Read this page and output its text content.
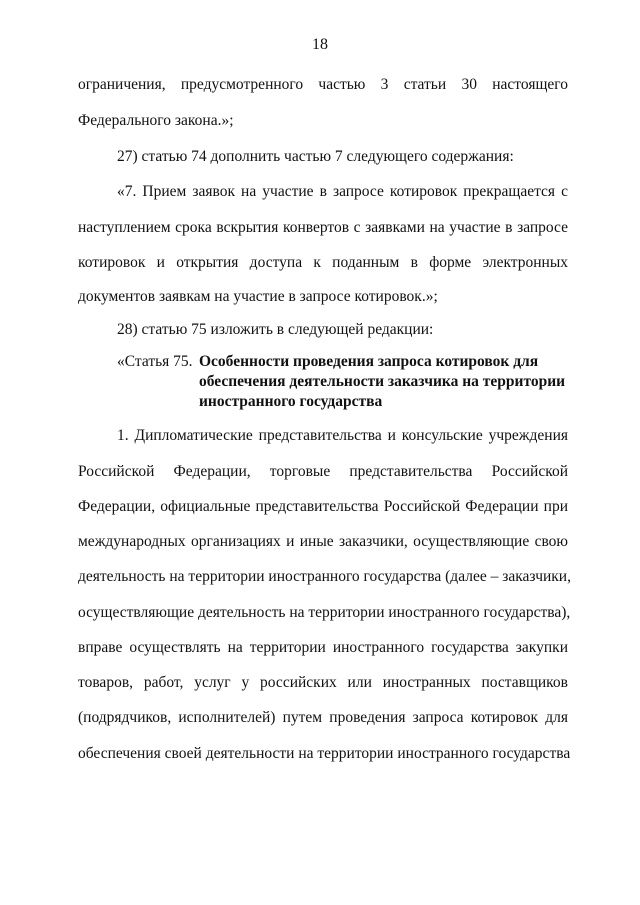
18
ограничения, предусмотренного частью 3 статьи 30 настоящего
Федерального закона.»;
27) статью 74 дополнить частью 7 следующего содержания:
«7. Прием заявок на участие в запросе котировок прекращается с
наступлением срока вскрытия конвертов с заявками на участие в запросе
котировок и открытия доступа к поданным в форме электронных
документов заявкам на участие в запросе котировок.»;
28) статью 75 изложить в следующей редакции:
«Статья 75. Особенности проведения запроса котировок для
обеспечения деятельности заказчика на территории
иностранного государства
1. Дипломатические представительства и консульские учреждения
Российской Федерации, торговые представительства Российской
Федерации, официальные представительства Российской Федерации при
международных организациях и иные заказчики, осуществляющие свою
деятельность на территории иностранного государства (далее – заказчики,
осуществляющие деятельность на территории иностранного государства),
вправе осуществлять на территории иностранного государства закупки
товаров, работ, услуг у российских или иностранных поставщиков
(подрядчиков, исполнителей) путем проведения запроса котировок для
обеспечения своей деятельности на территории иностранного государства
